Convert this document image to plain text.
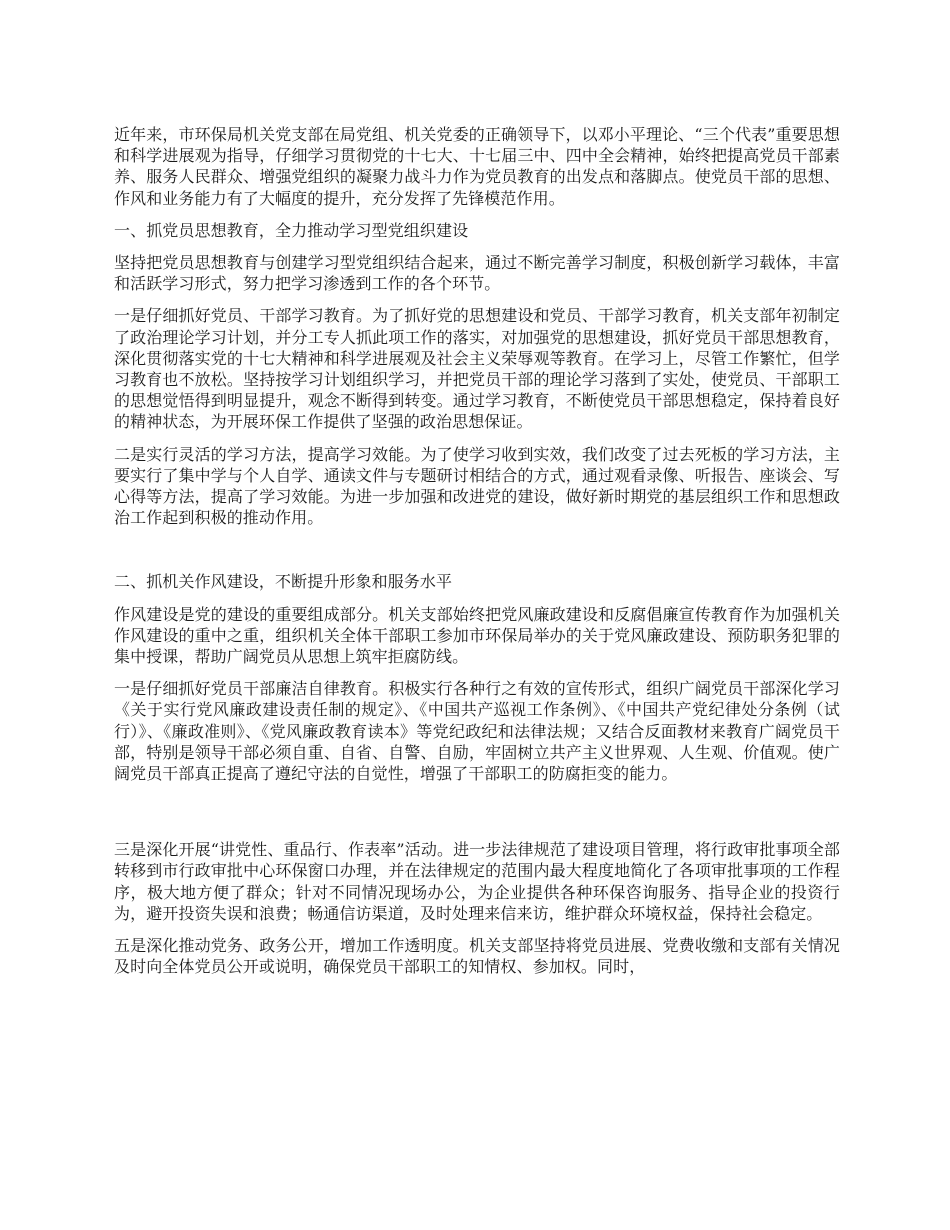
近年来，市环保局机关党支部在局党组、机关党委的正确领导下，以邓小平理论、“三个代表”重要思想和科学进展观为指导，仔细学习贯彻党的十七大、十七届三中、四中全会精神，始终把提高党员干部素养、服务人民群众、增强党组织的凝聚力战斗力作为党员教育的出发点和落脚点。使党员干部的思想、作风和业务能力有了大幅度的提升，充分发挥了先锋模范作用。

一、抓党员思想教育，全力推动学习型党组织建设

坚持把党员思想教育与创建学习型党组织结合起来，通过不断完善学习制度，积极创新学习载体，丰富和活跃学习形式，努力把学习渗透到工作的各个环节。

一是仔细抓好党员、干部学习教育。为了抓好党的思想建设和党员、干部学习教育，机关支部年初制定了政治理论学习计划，并分工专人抓此项工作的落实，对加强党的思想建设，抓好党员干部思想教育，深化贯彻落实党的十七大精神和科学进展观及社会主义荣辱观等教育。在学习上，尽管工作繁忙，但学习教育也不放松。坚持按学习计划组织学习，并把党员干部的理论学习落到了实处，使党员、干部职工的思想觉悟得到明显提升，观念不断得到转变。通过学习教育，不断使党员干部思想稳定，保持着良好的精神状态，为开展环保工作提供了坚强的政治思想保证。

二是实行灵活的学习方法，提高学习效能。为了使学习收到实效，我们改变了过去死板的学习方法，主要实行了集中学与个人自学、通读文件与专题研讨相结合的方式，通过观看录像、听报告、座谈会、写心得等方法，提高了学习效能。为进一步加强和改进党的建设，做好新时期党的基层组织工作和思想政治工作起到积极的推动作用。

二、抓机关作风建设，不断提升形象和服务水平

作风建设是党的建设的重要组成部分。机关支部始终把党风廉政建设和反腐倡廉宣传教育作为加强机关作风建设的重中之重，组织机关全体干部职工参加市环保局举办的关于党风廉政建设、预防职务犯罪的集中授课，帮助广阔党员从思想上筑牢拒腐防线。

一是仔细抓好党员干部廉洁自律教育。积极实行各种行之有效的宣传形式，组织广阔党员干部深化学习《关于实行党风廉政建设责任制的规定》、《中国共产巡视工作条例》、《中国共产党纪律处分条例（试行）》、《廉政准则》、《党风廉政教育读本》等党纪政纪和法律法规；又结合反面教材来教育广阔党员干部，特别是领导干部必须自重、自省、自警、自励，牢固树立共产主义世界观、人生观、价值观。使广阔党员干部真正提高了遵纪守法的自觉性，增强了干部职工的防腐拒变的能力。

三是深化开展“讲党性、重品行、作表率”活动。进一步法律规范了建设项目管理，将行政审批事项全部转移到市行政审批中心环保窗口办理，并在法律规定的范围内最大程度地简化了各项审批事项的工作程序，极大地方便了群众；针对不同情况现场办公，为企业提供各种环保咨询服务、指导企业的投资行为，避开投资失误和浪费；畅通信访渠道，及时处理来信来访，维护群众环境权益，保持社会稳定。

五是深化推动党务、政务公开，增加工作透明度。机关支部坚持将党员进展、党费收缴和支部有关情况及时向全体党员公开或说明，确保党员干部职工的知情权、参加权。同时，
